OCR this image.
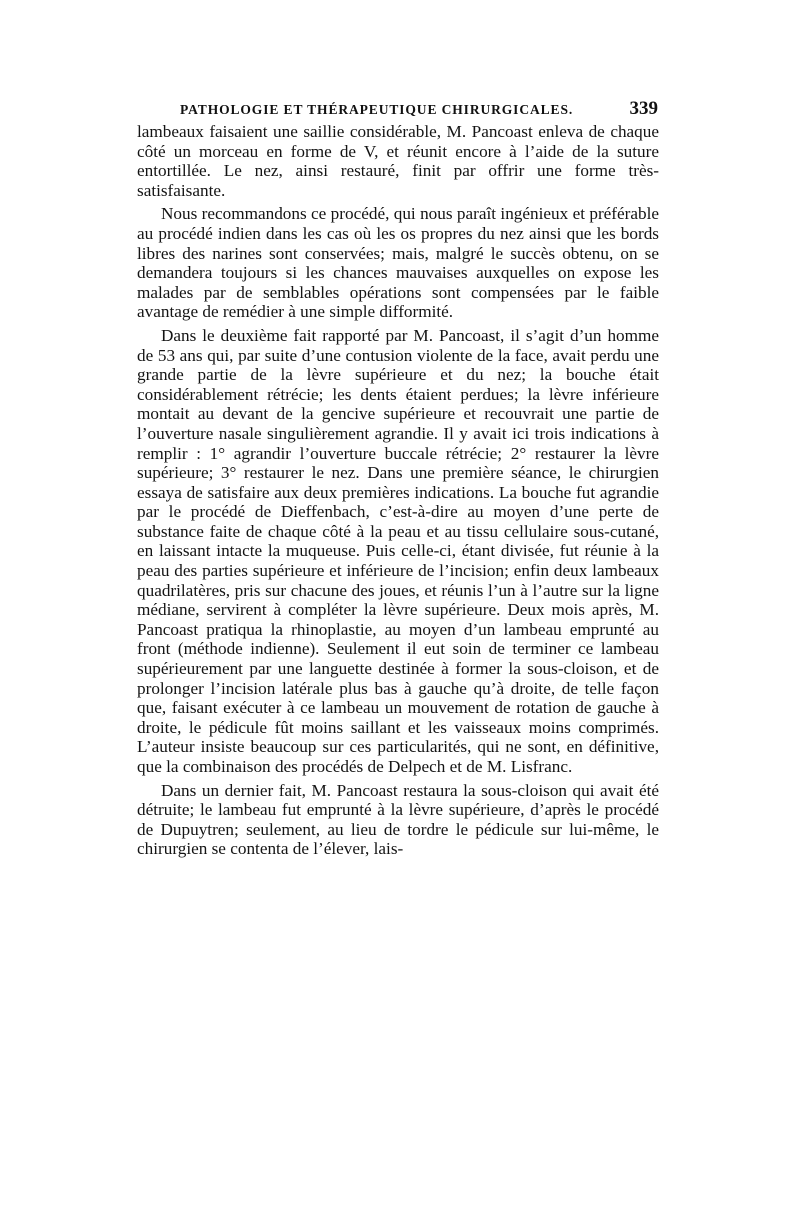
PATHOLOGIE ET THÉRAPEUTIQUE CHIRURGICALES.	339

lambeaux faisaient une saillie considérable, M. Pancoast enleva de chaque côté un morceau en forme de V, et réunit encore à l’aide de la suture entortillée. Le nez, ainsi restauré, finit par offrir une forme très-satisfaisante.

Nous recommandons ce procédé, qui nous paraît ingénieux et préférable au procédé indien dans les cas où les os propres du nez ainsi que les bords libres des narines sont conservées; mais, malgré le succès obtenu, on se demandera toujours si les chances mauvaises auxquelles on expose les malades par de semblables opérations sont compensées par le faible avantage de remédier à une simple difformité.

Dans le deuxième fait rapporté par M. Pancoast, il s’agit d’un homme de 53 ans qui, par suite d’une contusion violente de la face, avait perdu une grande partie de la lèvre supérieure et du nez; la bouche était considérablement rétrécie; les dents étaient perdues; la lèvre inférieure montait au devant de la gencive supérieure et recouvrait une partie de l’ouverture nasale singulièrement agrandie. Il y avait ici trois indications à remplir : 1° agrandir l’ouverture buccale rétrécie; 2° restaurer la lèvre supérieure; 3° restaurer le nez. Dans une première séance, le chirurgien essaya de satisfaire aux deux premières indications. La bouche fut agrandie par le procédé de Dieffenbach, c’est-à-dire au moyen d’une perte de substance faite de chaque côté à la peau et au tissu cellulaire sous-cutané, en laissant intacte la muqueuse. Puis celle-ci, étant divisée, fut réunie à la peau des parties supérieure et inférieure de l’incision; enfin deux lambeaux quadrilatères, pris sur chacune des joues, et réunis l’un à l’autre sur la ligne médiane, servirent à compléter la lèvre supérieure. Deux mois après, M. Pancoast pratiqua la rhinoplastie, au moyen d’un lambeau emprunté au front (méthode indienne). Seulement il eut soin de terminer ce lambeau supérieurement par une languette destinée à former la sous-cloison, et de prolonger l’incision latérale plus bas à gauche qu’à droite, de telle façon que, faisant exécuter à ce lambeau un mouvement de rotation de gauche à droite, le pédicule fût moins saillant et les vaisseaux moins comprimés. L’auteur insiste beaucoup sur ces particularités, qui ne sont, en définitive, que la combinaison des procédés de Delpech et de M. Lisfranc.

Dans un dernier fait, M. Pancoast restaura la sous-cloison qui avait été détruite; le lambeau fut emprunté à la lèvre supérieure, d’après le procédé de Dupuytren; seulement, au lieu de tordre le pédicule sur lui-même, le chirurgien se contenta de l’élever, lais-
